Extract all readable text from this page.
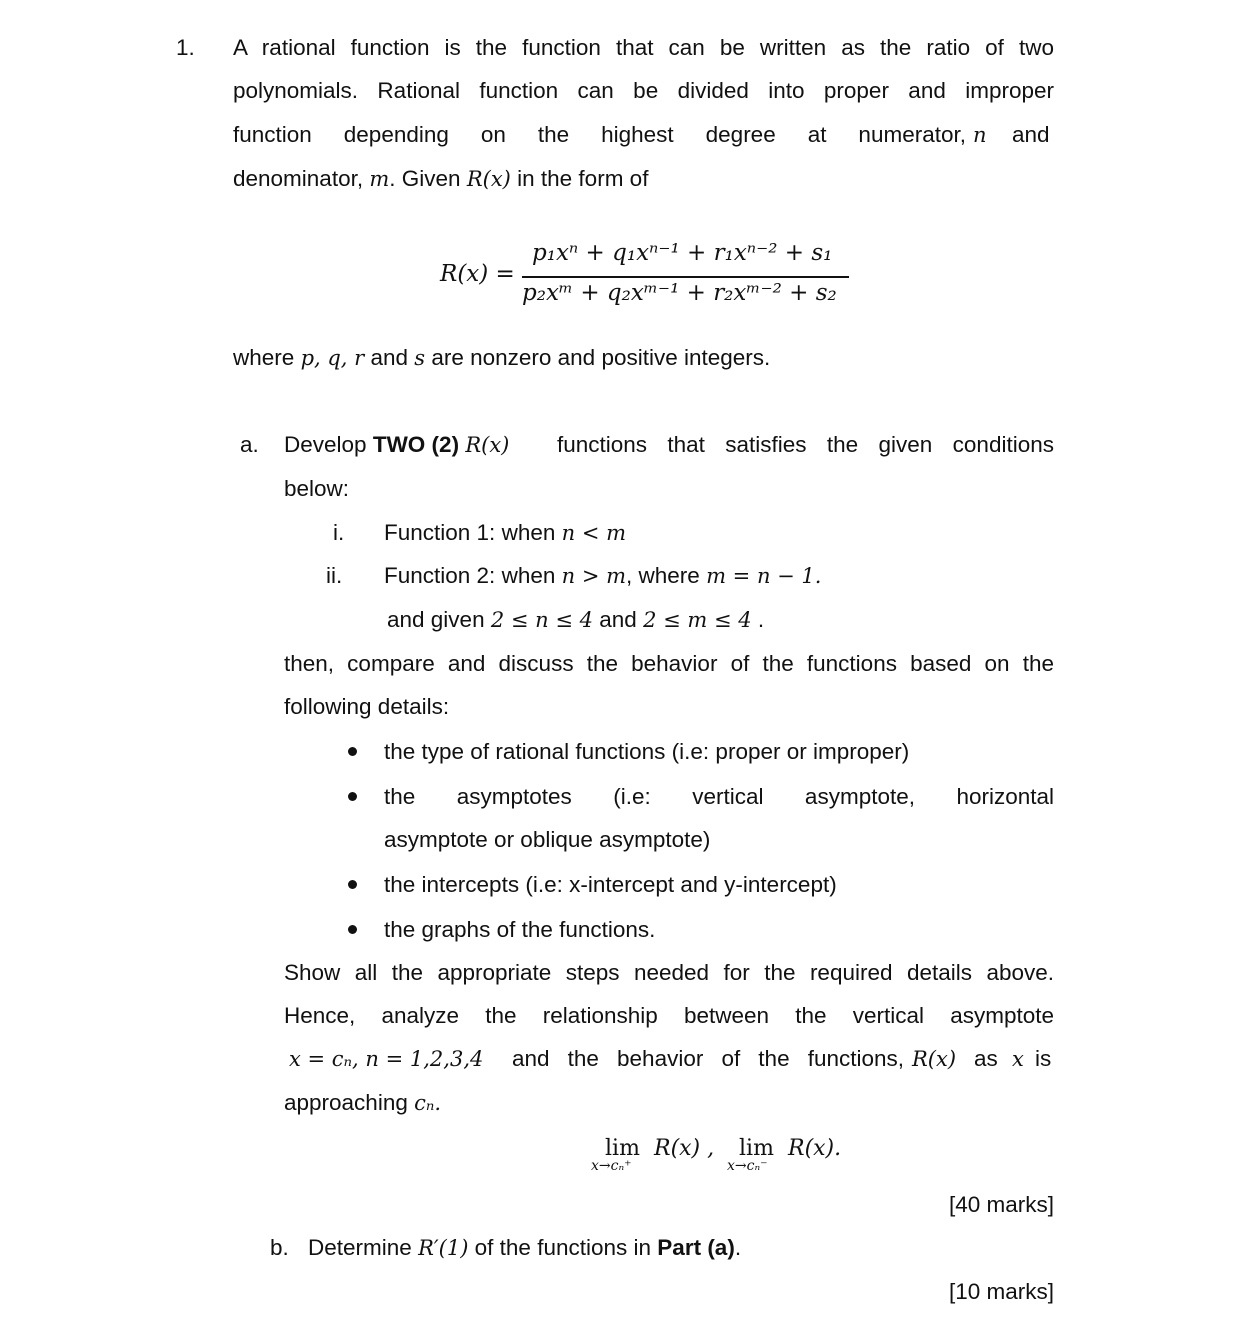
1. A rational function is the function that can be written as the ratio of two
polynomials. Rational function can be divided into proper and improper
function depending on the highest degree at numerator, n and
denominator, m. Given R(x) in the form of
R(x) =
p₁xⁿ + q₁xⁿ⁻¹ + r₁xⁿ⁻² + s₁
p₂xᵐ + q₂xᵐ⁻¹ + r₂xᵐ⁻² + s₂
where p, q, r and s are nonzero and positive integers.
a. Develop TWO (2) R(x) functions that satisfies the given conditions
below:
i. Function 1: when n < m
ii. Function 2: when n > m, where m = n − 1.
and given 2 ≤ n ≤ 4 and 2 ≤ m ≤ 4 .
then, compare and discuss the behavior of the functions based on the
following details:
the type of rational functions (i.e: proper or improper)
the asymptotes (i.e: vertical asymptote, horizontal
asymptote or oblique asymptote)
the intercepts (i.e: x-intercept and y-intercept)
the graphs of the functions.
Show all the appropriate steps needed for the required details above.
Hence, analyze the relationship between the vertical asymptote
x = cₙ, n = 1,2,3,4 and the behavior of the functions, R(x) as x is
approaching cₙ.
lim
x→cₙ⁺
R(x) , lim
x→cₙ⁻
R(x).
[40 marks]
b. Determine R′(1) of the functions in Part (a).
[10 marks]
